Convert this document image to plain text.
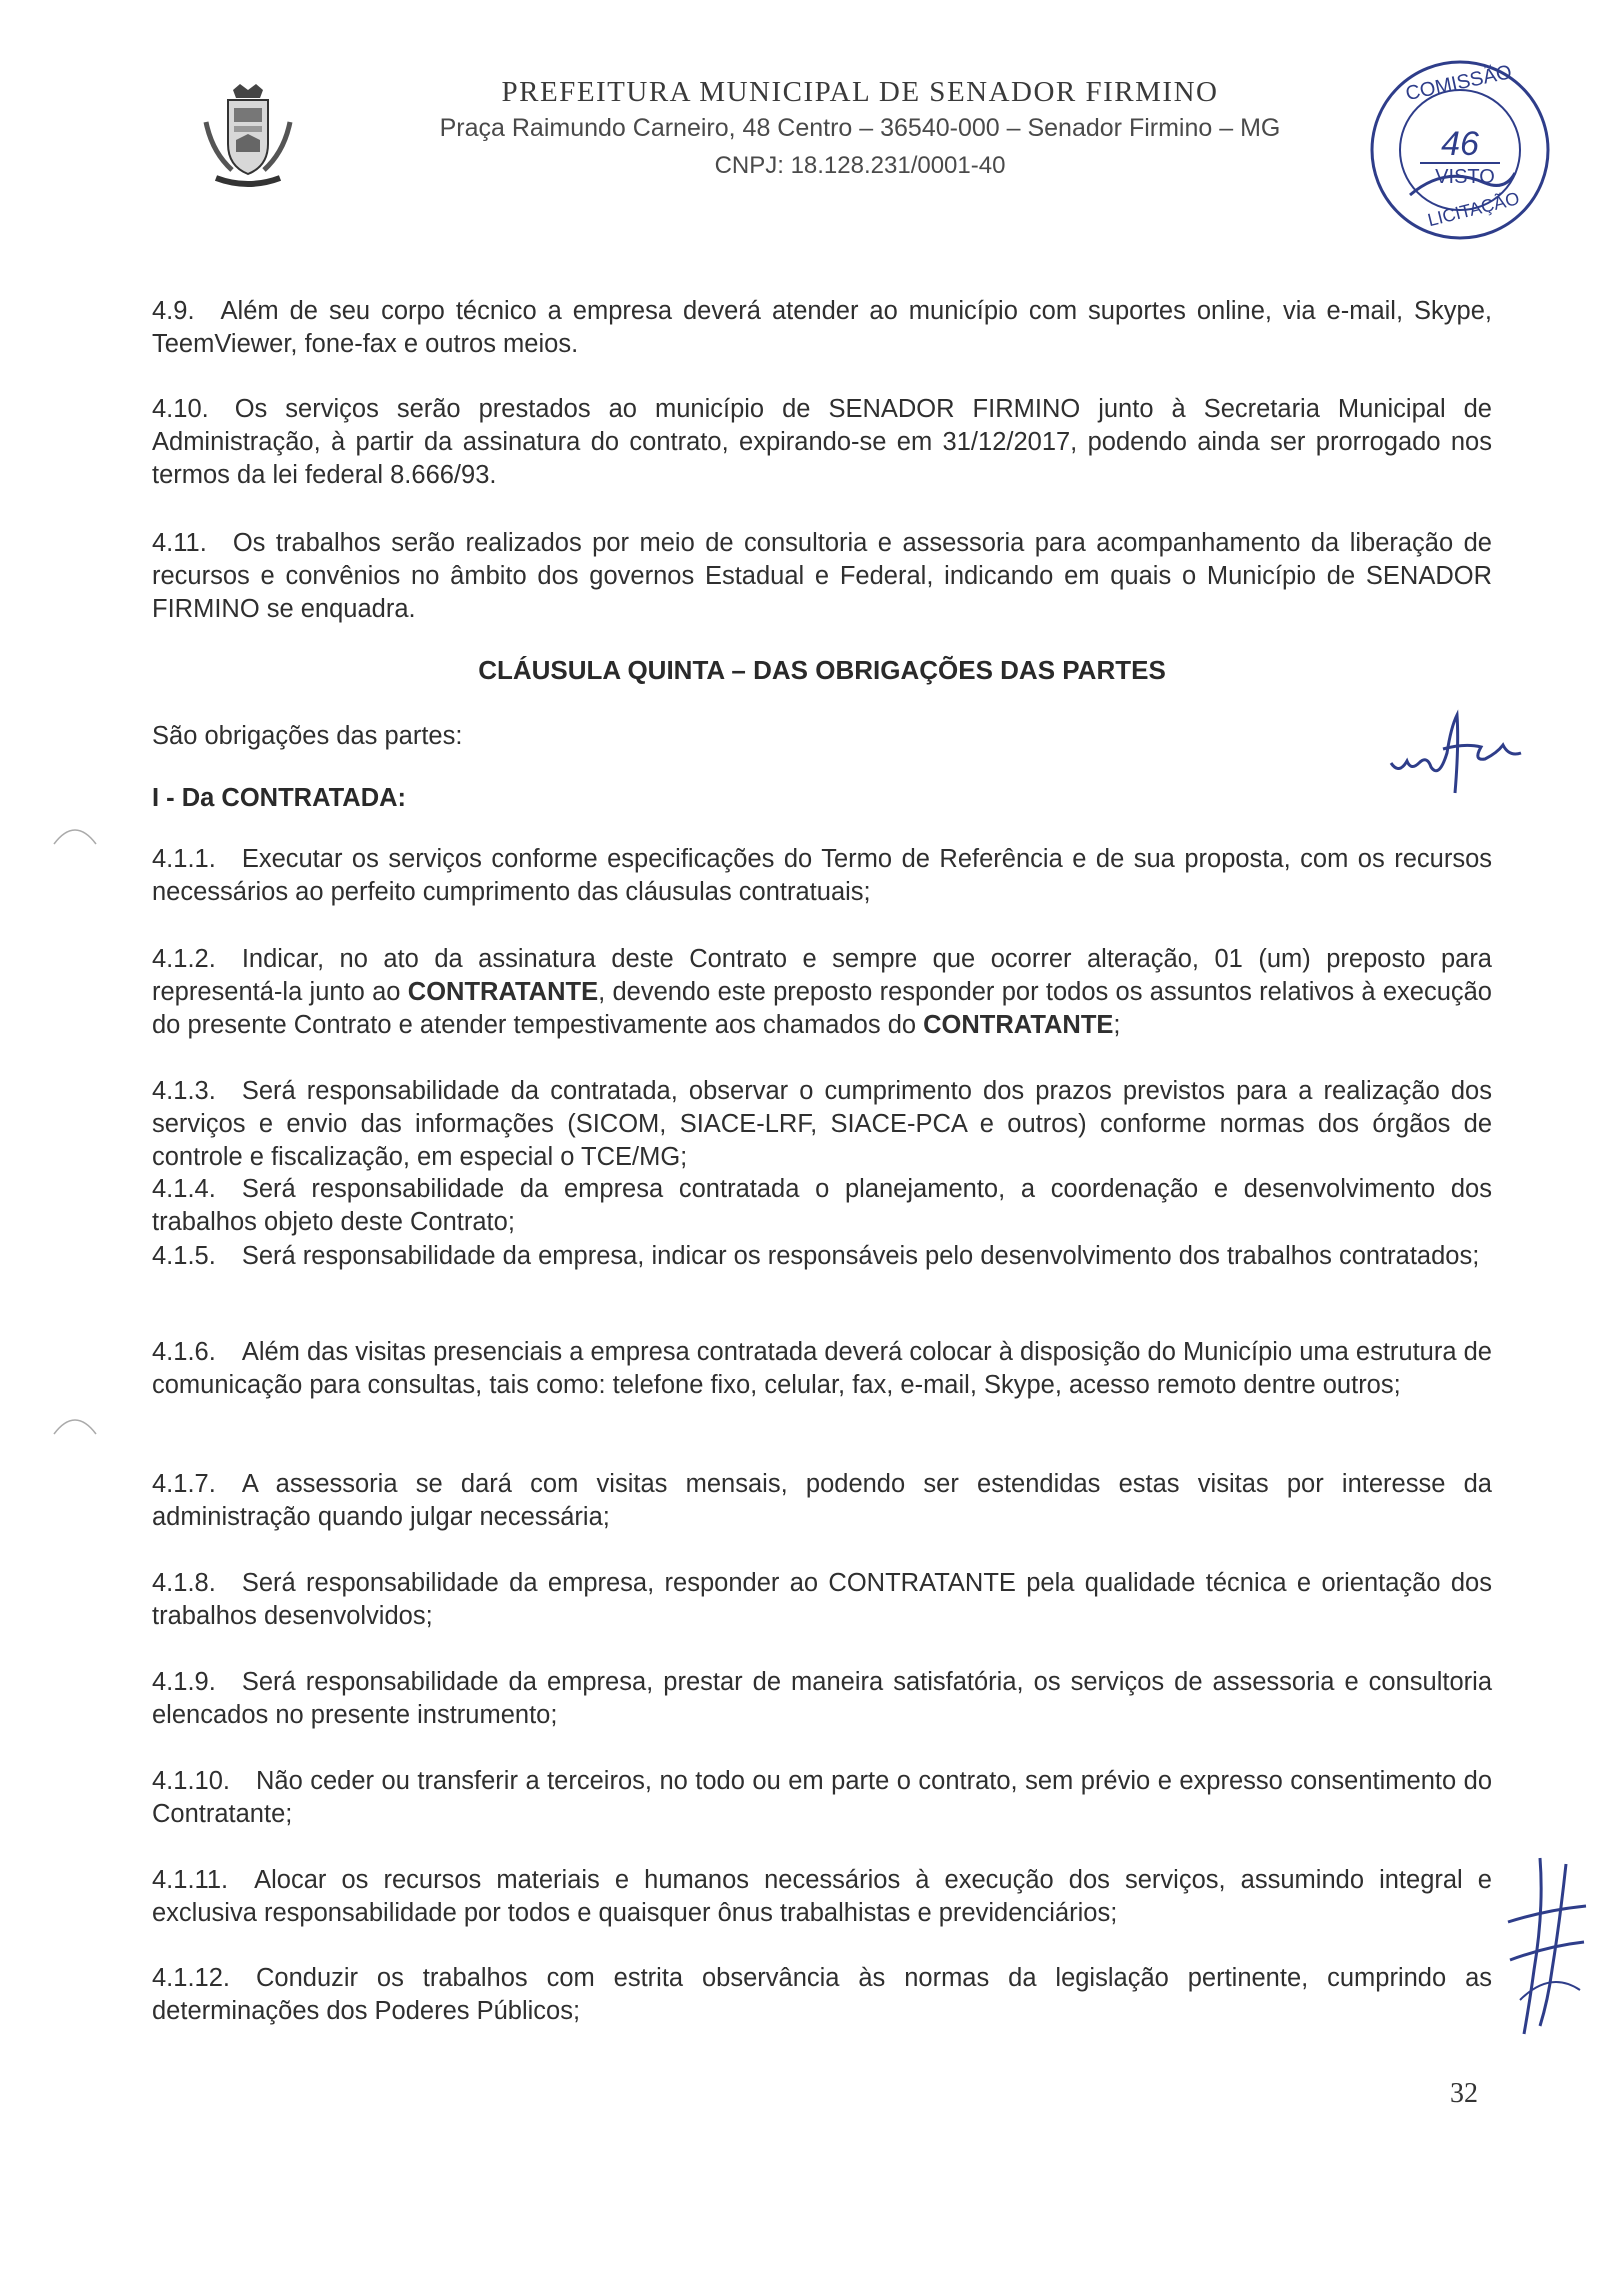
PREFEITURA MUNICIPAL DE SENADOR FIRMINO
Praça Raimundo Carneiro, 48 Centro – 36540-000 – Senador Firmino – MG
CNPJ: 18.128.231/0001-40
COMISSÃO
46
VISTO
LICITAÇÃO
4.9. Além de seu corpo técnico a empresa deverá atender ao município com suportes online, via e-mail, Skype, TeemViewer, fone-fax e outros meios.
4.10. Os serviços serão prestados ao município de SENADOR FIRMINO junto à Secretaria Municipal de Administração, à partir da assinatura do contrato, expirando-se em 31/12/2017, podendo ainda ser prorrogado nos termos da lei federal 8.666/93.
4.11. Os trabalhos serão realizados por meio de consultoria e assessoria para acompanhamento da liberação de recursos e convênios no âmbito dos governos Estadual e Federal, indicando em quais o Município de SENADOR FIRMINO se enquadra.
CLÁUSULA QUINTA – DAS OBRIGAÇÕES DAS PARTES
São obrigações das partes:
I - Da CONTRATADA:
4.1.1. Executar os serviços conforme especificações do Termo de Referência e de sua proposta, com os recursos necessários ao perfeito cumprimento das cláusulas contratuais;
4.1.2. Indicar, no ato da assinatura deste Contrato e sempre que ocorrer alteração, 01 (um) preposto para representá-la junto ao CONTRATANTE, devendo este preposto responder por todos os assuntos relativos à execução do presente Contrato e atender tempestivamente aos chamados do CONTRATANTE;
4.1.3. Será responsabilidade da contratada, observar o cumprimento dos prazos previstos para a realização dos serviços e envio das informações (SICOM, SIACE-LRF, SIACE-PCA e outros) conforme normas dos órgãos de controle e fiscalização, em especial o TCE/MG;
4.1.4. Será responsabilidade da empresa contratada o planejamento, a coordenação e desenvolvimento dos trabalhos objeto deste Contrato;
4.1.5. Será responsabilidade da empresa, indicar os responsáveis pelo desenvolvimento dos trabalhos contratados;
4.1.6. Além das visitas presenciais a empresa contratada deverá colocar à disposição do Município uma estrutura de comunicação para consultas, tais como: telefone fixo, celular, fax, e-mail, Skype, acesso remoto dentre outros;
4.1.7. A assessoria se dará com visitas mensais, podendo ser estendidas estas visitas por interesse da administração quando julgar necessária;
4.1.8. Será responsabilidade da empresa, responder ao CONTRATANTE pela qualidade técnica e orientação dos trabalhos desenvolvidos;
4.1.9. Será responsabilidade da empresa, prestar de maneira satisfatória, os serviços de assessoria e consultoria elencados no presente instrumento;
4.1.10. Não ceder ou transferir a terceiros, no todo ou em parte o contrato, sem prévio e expresso consentimento do Contratante;
4.1.11. Alocar os recursos materiais e humanos necessários à execução dos serviços, assumindo integral e exclusiva responsabilidade por todos e quaisquer ônus trabalhistas e previdenciários;
4.1.12. Conduzir os trabalhos com estrita observância às normas da legislação pertinente, cumprindo as determinações dos Poderes Públicos;
32
